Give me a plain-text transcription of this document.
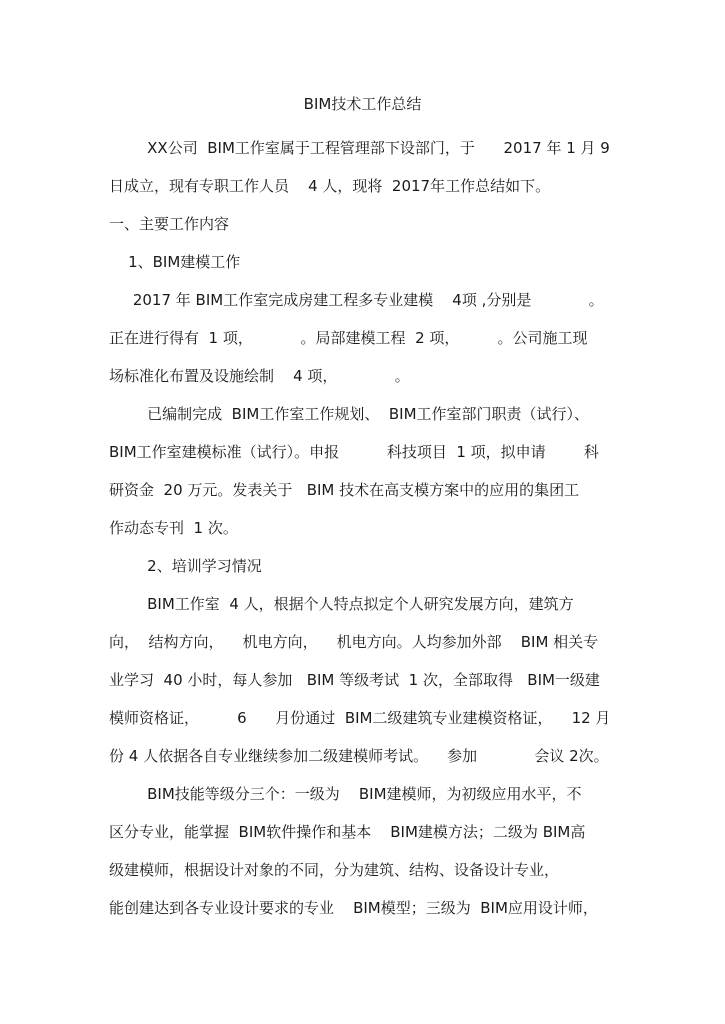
BIM技术工作总结
XX公司  BIM工作室属于工程管理部下设部门，于      2017 年 1 月 9
日成立，现有专职工作人员    4 人，现将  2017年工作总结如下。
一、主要工作内容
1、BIM建模工作
2017 年 BIM工作室完成房建工程多专业建模    4项 ,分别是            。
正在进行得有  1 项，          。局部建模工程  2 项，        。公司施工现
场标准化布置及设施绘制    4 项，            。
已编制完成  BIM工作室工作规划、  BIM工作室部门职责（试行）、
BIM工作室建模标准（试行）。申报          科技项目  1 项，拟申请        科
研资金  20 万元。发表关于   BIM 技术在高支模方案中的应用的集团工
作动态专刊  1 次。
2、培训学习情况
BIM工作室  4 人，根据个人特点拟定个人研究发展方向，建筑方
向，  结构方向，    机电方向，    机电方向。人均参加外部    BIM 相关专
业学习  40 小时，每人参加   BIM 等级考试  1 次，全部取得   BIM一级建
模师资格证，        6      月份通过  BIM二级建筑专业建模资格证，    12 月
份 4 人依据各自专业继续参加二级建模师考试。    参加            会议 2次。
BIM技能等级分三个：一级为    BIM建模师，为初级应用水平，不
区分专业，能掌握  BIM软件操作和基本    BIM建模方法；二级为 BIM高
级建模师，根据设计对象的不同，分为建筑、结构、设备设计专业，
能创建达到各专业设计要求的专业    BIM模型；三级为  BIM应用设计师，
